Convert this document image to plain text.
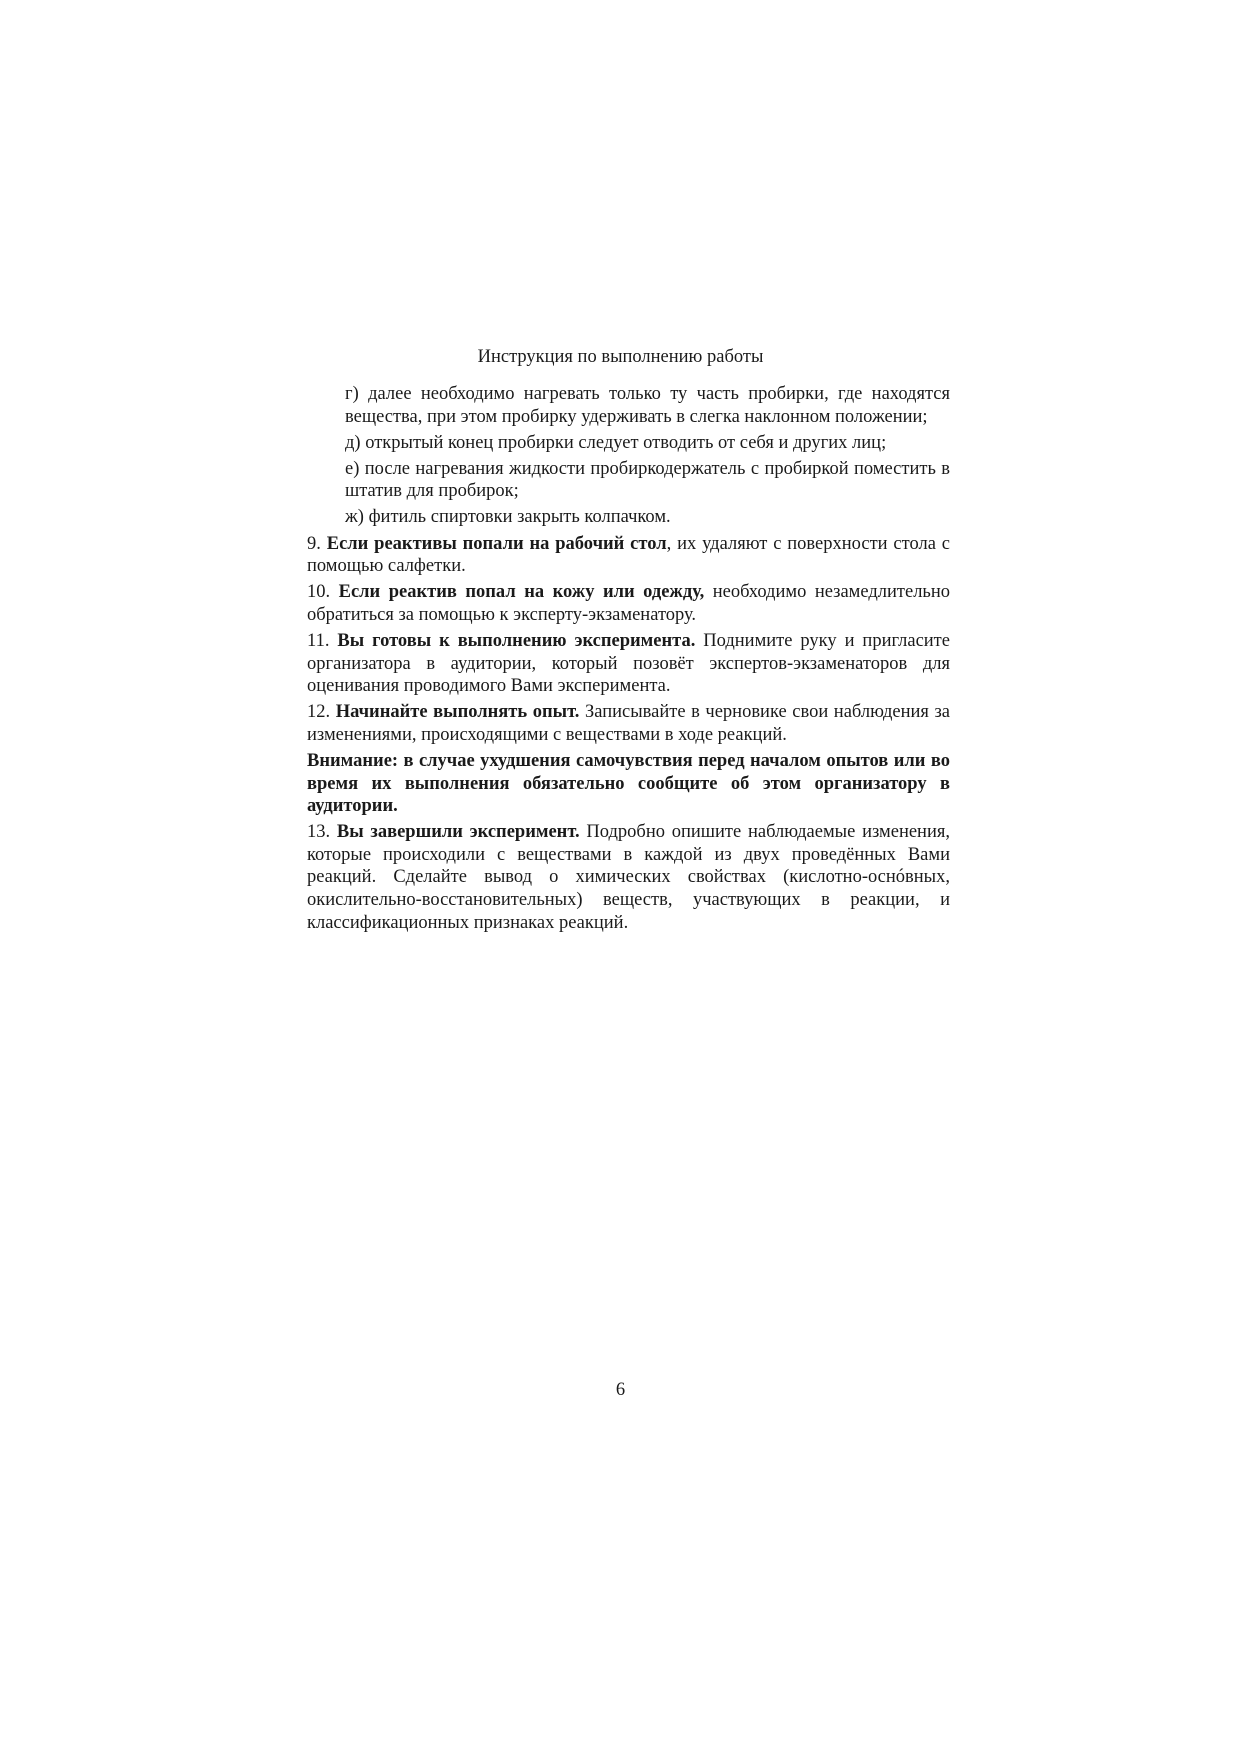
Инструкция по выполнению работы

г) далее необходимо нагревать только ту часть пробирки, где находятся вещества, при этом пробирку удерживать в слегка наклонном положении;

д) открытый конец пробирки следует отводить от себя и других лиц;

е) после нагревания жидкости пробиркодержатель с пробиркой поместить в штатив для пробирок;

ж) фитиль спиртовки закрыть колпачком.

9. Если реактивы попали на рабочий стол, их удаляют с поверхности стола с помощью салфетки.

10. Если реактив попал на кожу или одежду, необходимо незамедлительно обратиться за помощью к эксперту-экзаменатору.

11. Вы готовы к выполнению эксперимента. Поднимите руку и пригласите организатора в аудитории, который позовёт экспертов-экзаменаторов для оценивания проводимого Вами эксперимента.

12. Начинайте выполнять опыт. Записывайте в черновике свои наблюдения за изменениями, происходящими с веществами в ходе реакций.

Внимание: в случае ухудшения самочувствия перед началом опытов или во время их выполнения обязательно сообщите об этом организатору в аудитории.

13. Вы завершили эксперимент. Подробно опишите наблюдаемые изменения, которые происходили с веществами в каждой из двух проведённых Вами реакций. Сделайте вывод о химических свойствах (кислотно-оснóвных, окислительно-восстановительных) веществ, участвующих в реакции, и классификационных признаках реакций.

6
